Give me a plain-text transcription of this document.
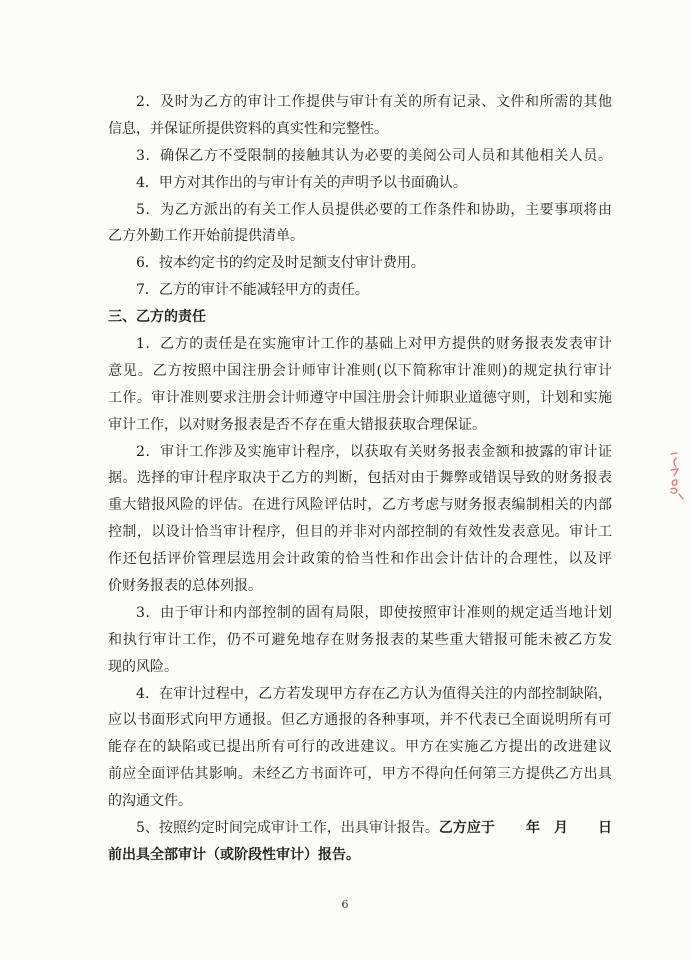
2．及时为乙方的审计工作提供与审计有关的所有记录、文件和所需的其他
信息，并保证所提供资料的真实性和完整性。
3．确保乙方不受限制的接触其认为必要的美阅公司人员和其他相关人员。
4．甲方对其作出的与审计有关的声明予以书面确认。
5．为乙方派出的有关工作人员提供必要的工作条件和协助，主要事项将由
乙方外勤工作开始前提供清单。
6．按本约定书的约定及时足额支付审计费用。
7．乙方的审计不能减轻甲方的责任。
三、乙方的责任
1．乙方的责任是在实施审计工作的基础上对甲方提供的财务报表发表审计
意见。乙方按照中国注册会计师审计准则(以下简称审计准则)的规定执行审计
工作。审计准则要求注册会计师遵守中国注册会计师职业道德守则，计划和实施
审计工作，以对财务报表是否不存在重大错报获取合理保证。
2．审计工作涉及实施审计程序，以获取有关财务报表金额和披露的审计证
据。选择的审计程序取决于乙方的判断，包括对由于舞弊或错误导致的财务报表
重大错报风险的评估。在进行风险评估时，乙方考虑与财务报表编制相关的内部
控制，以设计恰当审计程序，但目的并非对内部控制的有效性发表意见。审计工
作还包括评价管理层选用会计政策的恰当性和作出会计估计的合理性，以及评
价财务报表的总体列报。
3．由于审计和内部控制的固有局限，即使按照审计准则的规定适当地计划
和执行审计工作，仍不可避免地存在财务报表的某些重大错报可能未被乙方发
现的风险。
4．在审计过程中，乙方若发现甲方存在乙方认为值得关注的内部控制缺陷，
应以书面形式向甲方通报。但乙方通报的各种事项，并不代表已全面说明所有可
能存在的缺陷或已提出所有可行的改进建议。甲方在实施乙方提出的改进建议
前应全面评估其影响。未经乙方书面许可，甲方不得向任何第三方提供乙方出具
的沟通文件。
5、按照约定时间完成审计工作，出具审计报告。乙方应于 年 月 日
前出具全部审计（或阶段性审计）报告。
6
